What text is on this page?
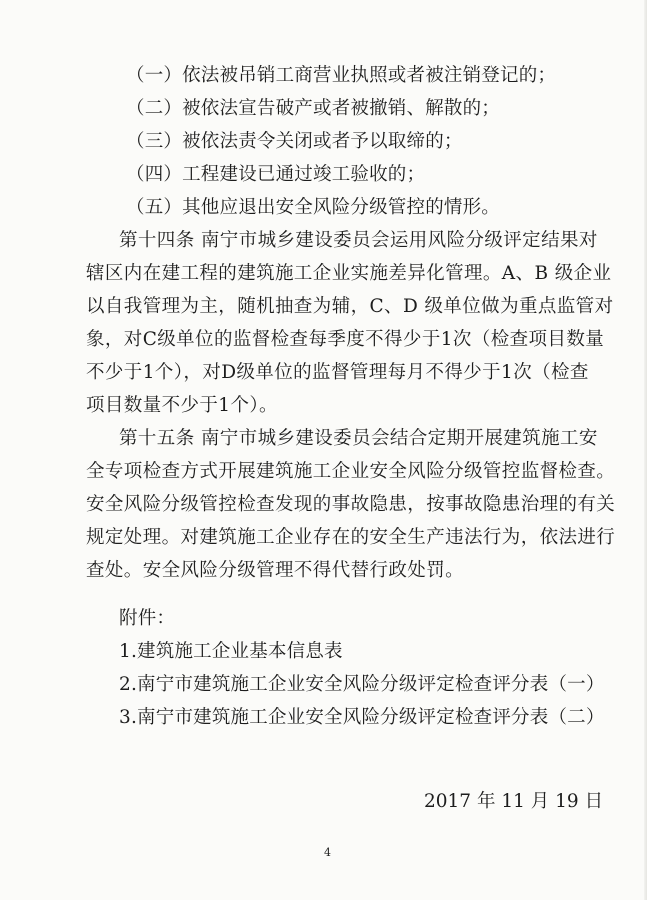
（一）依法被吊销工商营业执照或者被注销登记的；
（二）被依法宣告破产或者被撤销、解散的；
（三）被依法责令关闭或者予以取缔的；
（四）工程建设已通过竣工验收的；
（五）其他应退出安全风险分级管控的情形。
第十四条 南宁市城乡建设委员会运用风险分级评定结果对
辖区内在建工程的建筑施工企业实施差异化管理。A、B 级企业
以自我管理为主，随机抽查为辅，C、D 级单位做为重点监管对
象，对C级单位的监督检查每季度不得少于1次（检查项目数量
不少于1个），对D级单位的监督管理每月不得少于1次（检查
项目数量不少于1个）。
第十五条 南宁市城乡建设委员会结合定期开展建筑施工安
全专项检查方式开展建筑施工企业安全风险分级管控监督检查。
安全风险分级管控检查发现的事故隐患，按事故隐患治理的有关
规定处理。对建筑施工企业存在的安全生产违法行为，依法进行
查处。安全风险分级管理不得代替行政处罚。
附件：
1.建筑施工企业基本信息表
2.南宁市建筑施工企业安全风险分级评定检查评分表（一）
3.南宁市建筑施工企业安全风险分级评定检查评分表（二）
2017 年 11 月 19 日
4
